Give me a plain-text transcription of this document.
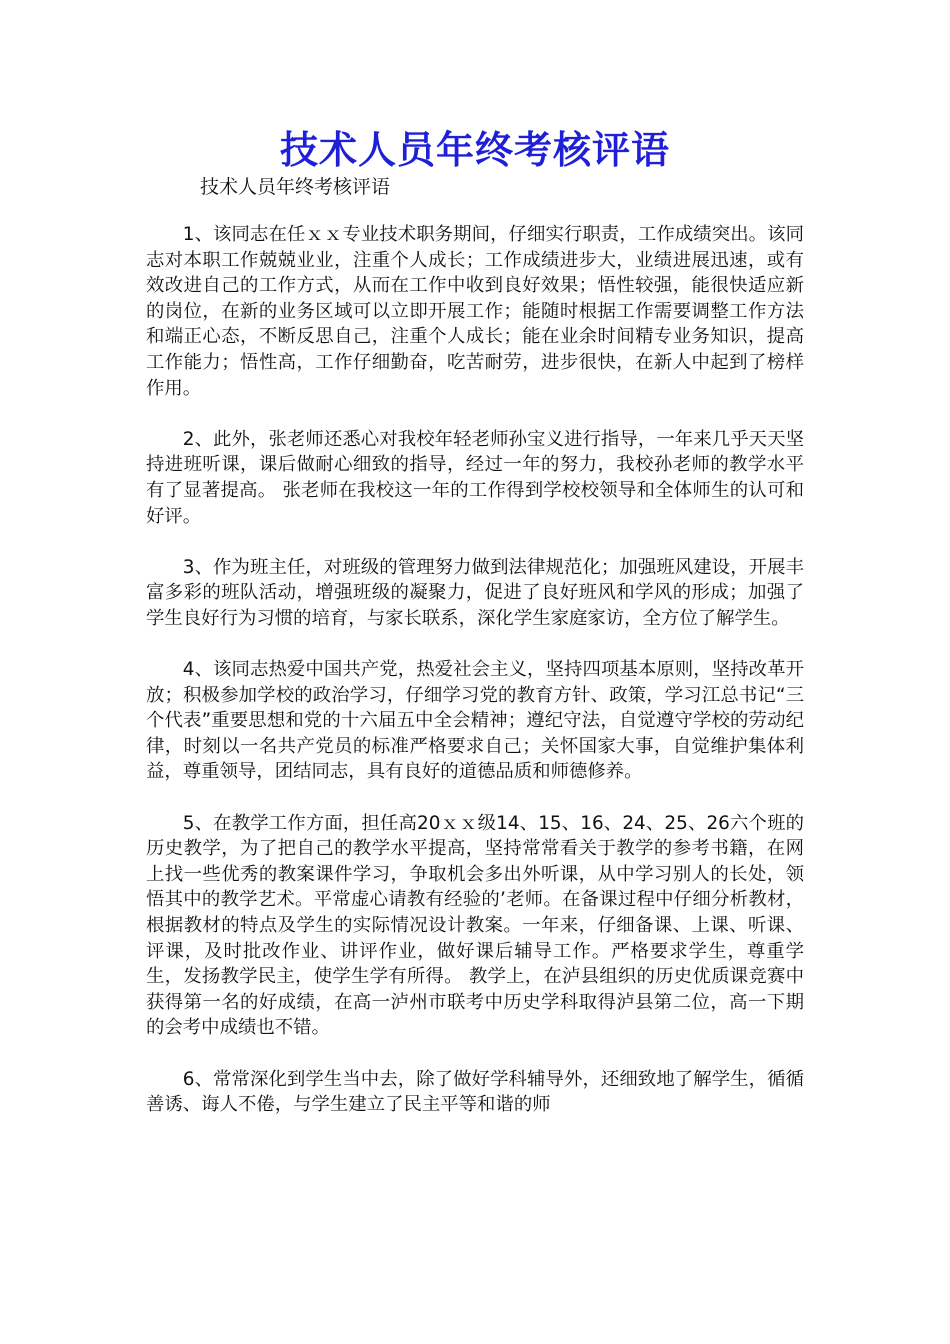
技术人员年终考核评语
技术人员年终考核评语

1、该同志在任ｘｘ专业技术职务期间，仔细实行职责，工作成绩突出。该同志对本职工作兢兢业业，注重个人成长；工作成绩进步大，业绩进展迅速，或有效改进自己的工作方式，从而在工作中收到良好效果；悟性较强，能很快适应新的岗位，在新的业务区域可以立即开展工作；能随时根据工作需要调整工作方法和端正心态，不断反思自己，注重个人成长；能在业余时间精专业务知识，提高工作能力；悟性高，工作仔细勤奋，吃苦耐劳，进步很快，在新人中起到了榜样作用。

2、此外，张老师还悉心对我校年轻老师孙宝义进行指导，一年来几乎天天坚持进班听课，课后做耐心细致的指导，经过一年的努力，我校孙老师的教学水平有了显著提高。 张老师在我校这一年的工作得到学校校领导和全体师生的认可和好评。

3、作为班主任，对班级的管理努力做到法律规范化；加强班风建设，开展丰富多彩的班队活动，增强班级的凝聚力，促进了良好班风和学风的形成；加强了学生良好行为习惯的培育，与家长联系，深化学生家庭家访，全方位了解学生。

4、该同志热爱中国共产党，热爱社会主义，坚持四项基本原则，坚持改革开放；积极参加学校的政治学习，仔细学习党的教育方针、政策，学习江总书记“三个代表”重要思想和党的十六届五中全会精神；遵纪守法，自觉遵守学校的劳动纪律，时刻以一名共产党员的标准严格要求自己；关怀国家大事，自觉维护集体利益，尊重领导，团结同志，具有良好的道德品质和师德修养。

5、在教学工作方面，担任高20ｘｘ级14、15、16、24、25、26六个班的历史教学，为了把自己的教学水平提高，坚持常常看关于教学的参考书籍，在网上找一些优秀的教案课件学习，争取机会多出外听课，从中学习别人的长处，领悟其中的教学艺术。平常虚心请教有经验的’老师。在备课过程中仔细分析教材，根据教材的特点及学生的实际情况设计教案。一年来，仔细备课、上课、听课、评课，及时批改作业、讲评作业，做好课后辅导工作。严格要求学生，尊重学生，发扬教学民主，使学生学有所得。 教学上，在泸县组织的历史优质课竞赛中获得第一名的好成绩，在高一泸州市联考中历史学科取得泸县第二位，高一下期的会考中成绩也不错。

6、常常深化到学生当中去，除了做好学科辅导外，还细致地了解学生，循循善诱、诲人不倦，与学生建立了民主平等和谐的师
